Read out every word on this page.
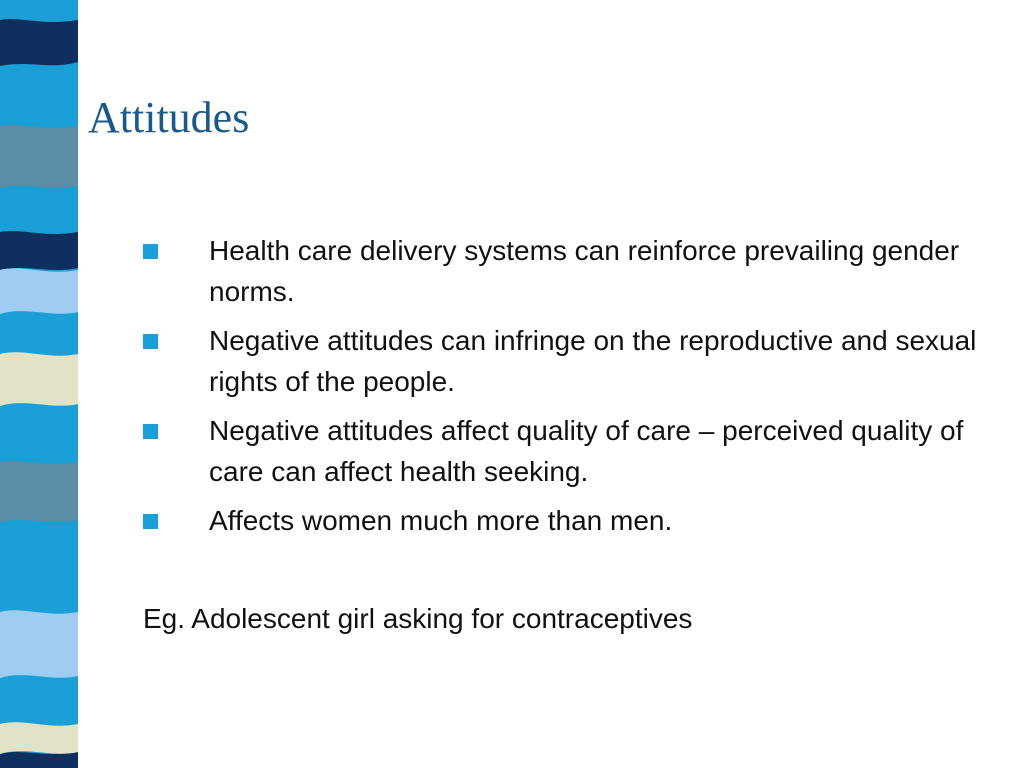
Attitudes
Health care delivery systems can reinforce prevailing gender norms.
Negative attitudes can infringe on the reproductive and sexual rights of the people.
Negative attitudes affect quality of care – perceived quality of care can affect health seeking.
Affects women much more than men.

Eg. Adolescent girl asking for contraceptives
